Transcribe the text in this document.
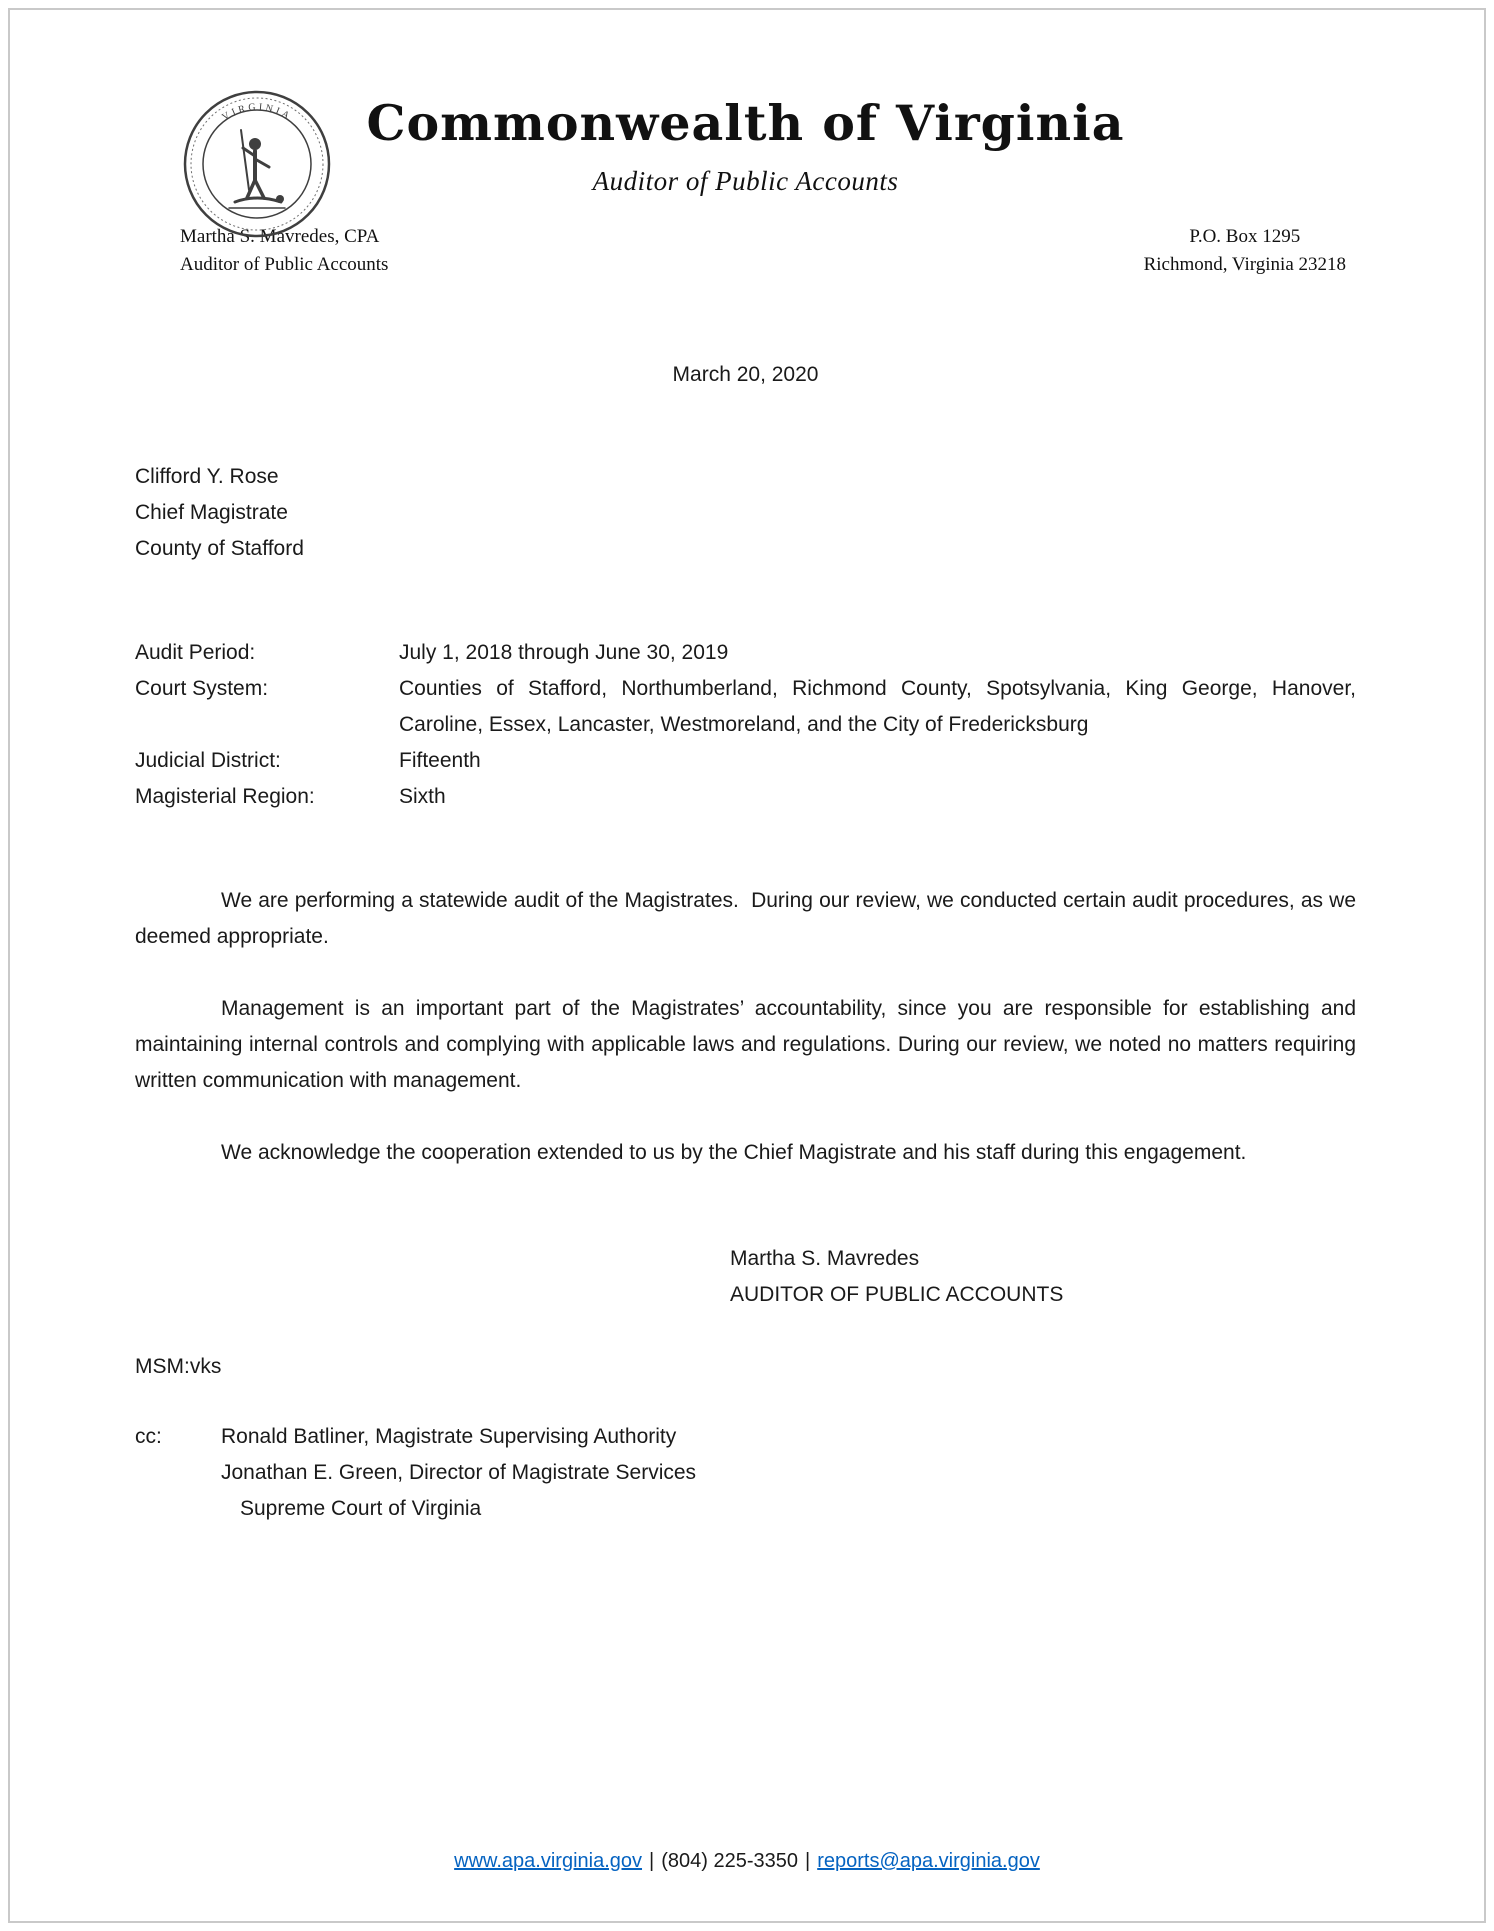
VIRGINIA	Commonwealth of Virginia
Auditor of Public Accounts
Martha S. Mavredes, CPA
Auditor of Public Accounts
P.O. Box 1295
Richmond, Virginia 23218
March 20, 2020
Clifford Y. Rose
Chief Magistrate
County of Stafford
Audit Period:	July 1, 2018 through June 30, 2019
Court System:	Counties of Stafford, Northumberland, Richmond County, Spotsylvania, King George, Hanover, Caroline, Essex, Lancaster, Westmoreland, and the City of Fredericksburg
Judicial District:	Fifteenth
Magisterial Region:	Sixth

We are performing a statewide audit of the Magistrates.  During our review, we conducted certain audit procedures, as we deemed appropriate.

Management is an important part of the Magistrates’ accountability, since you are responsible for establishing and maintaining internal controls and complying with applicable laws and regulations. During our review, we noted no matters requiring written communication with management.

We acknowledge the cooperation extended to us by the Chief Magistrate and his staff during this engagement.

Martha S. Mavredes
AUDITOR OF PUBLIC ACCOUNTS
MSM:vks
cc:	Ronald Batliner, Magistrate Supervising Authority
Jonathan E. Green, Director of Magistrate Services
Supreme Court of Virginia
www.apa.virginia.gov | (804) 225-3350 | reports@apa.virginia.gov
